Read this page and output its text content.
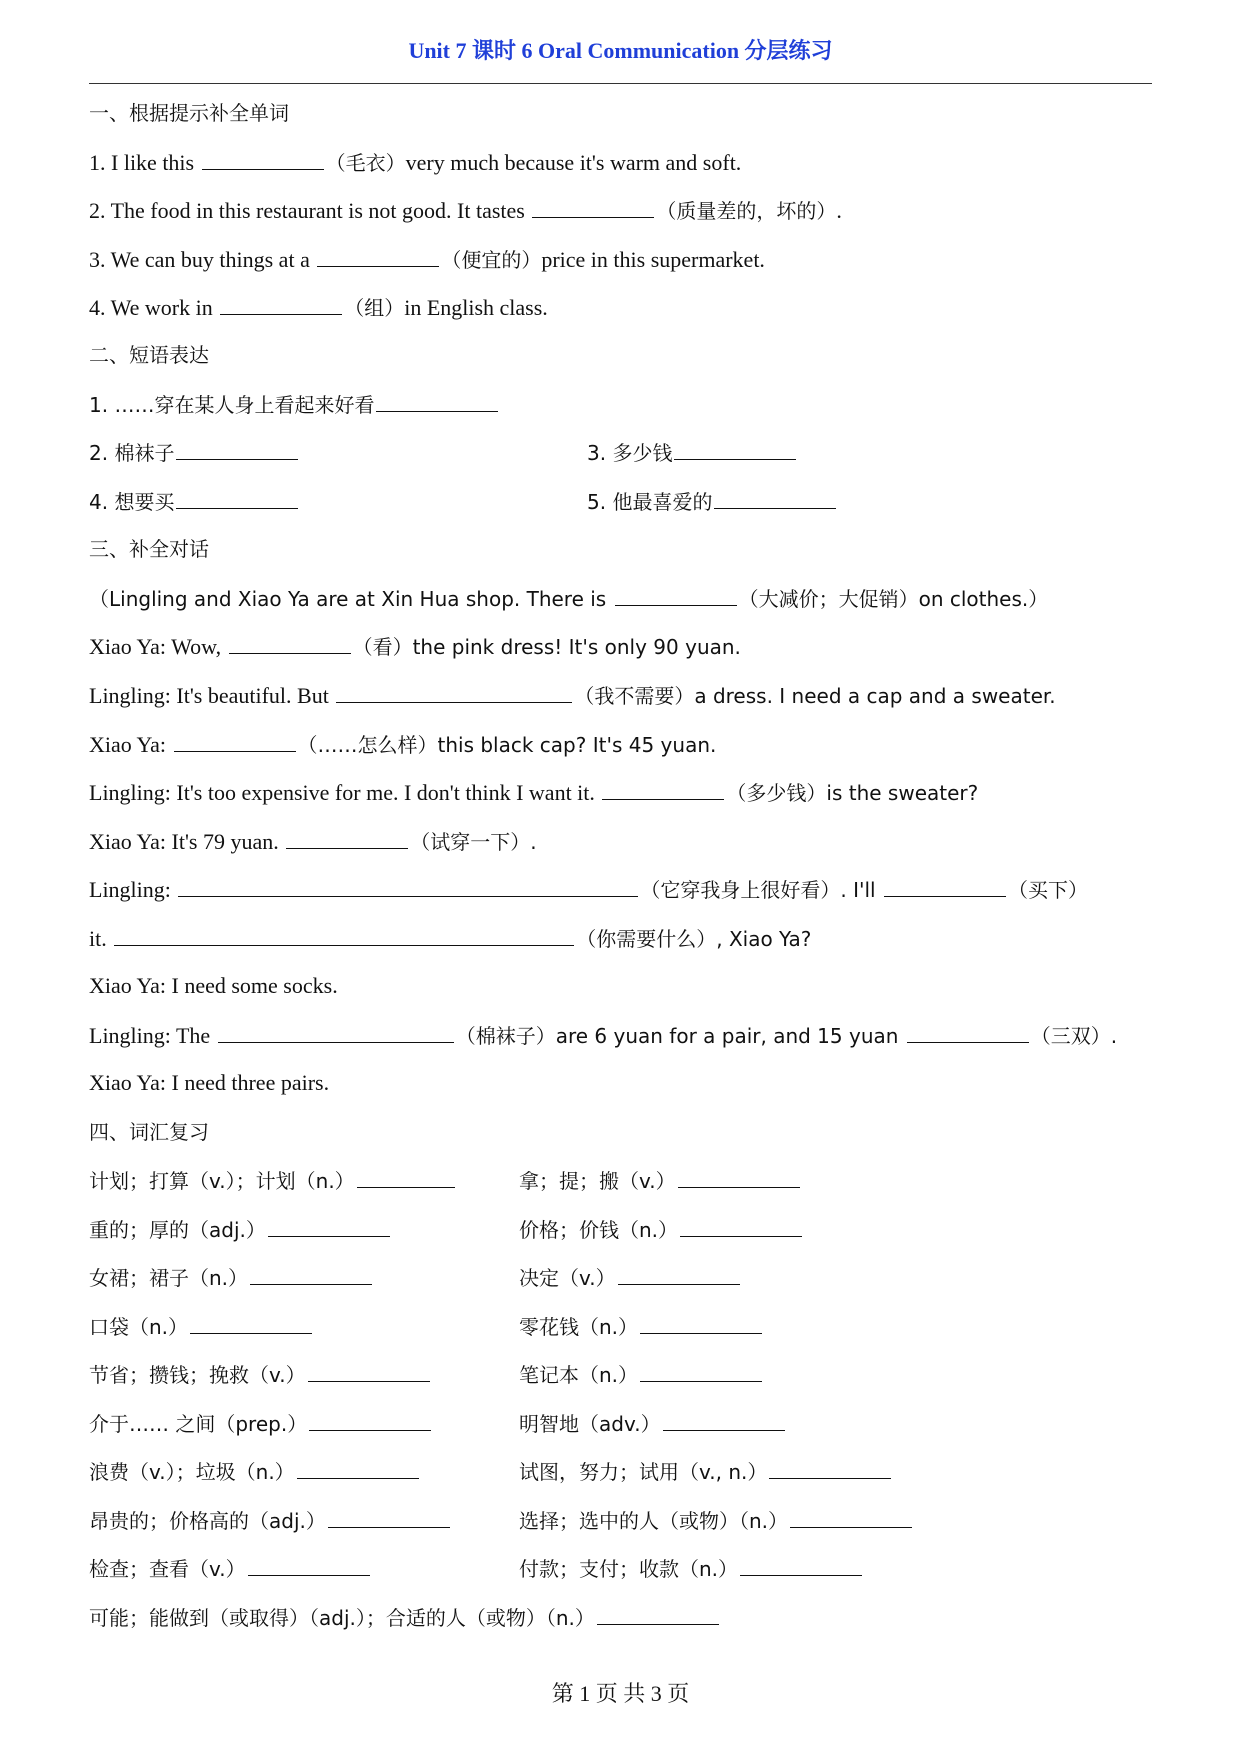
Unit 7 课时 6 Oral Communication 分层练习
一、根据提示补全单词
1. I like this	（毛衣）very much because it's warm and soft.
2. The food in this restaurant is not good. It tastes	（质量差的，坏的）.
3. We can buy things at a	（便宜的）price in this supermarket.
4. We work in	（组）in English class.
二、短语表达
1. ……穿在某人身上看起来好看
2. 棉袜子	3. 多少钱
4. 想要买	5. 他最喜爱的
三、补全对话
（Lingling and Xiao Ya are at Xin Hua shop. There is	（大减价；大促销）on clothes.）
Xiao Ya: Wow,	（看）the pink dress! It's only 90 yuan.
Lingling: It's beautiful. But	（我不需要）a dress. I need a cap and a sweater.
Xiao Ya:	（……怎么样）this black cap? It's 45 yuan.
Lingling: It's too expensive for me. I don't think I want it.	（多少钱）is the sweater?
Xiao Ya: It's 79 yuan.	（试穿一下）.
Lingling:	（它穿我身上很好看）. I'll	（买下）
it.	（你需要什么）, Xiao Ya?
Xiao Ya: I need some socks.
Lingling: The	（棉袜子）are 6 yuan for a pair, and 15 yuan	（三双）.
Xiao Ya: I need three pairs.
四、词汇复习
计划；打算（v.）；计划（n.）	拿；提；搬（v.）
重的；厚的（adj.）	价格；价钱（n.）
女裙；裙子（n.）	决定（v.）
口袋（n.）	零花钱（n.）
节省；攒钱；挽救（v.）	笔记本（n.）
介于…… 之间（prep.）	明智地（adv.）
浪费（v.）；垃圾（n.）	试图，努力；试用（v., n.）
昂贵的；价格高的（adj.）	选择；选中的人（或物）（n.）
检查；查看（v.）	付款；支付；收款（n.）
可能；能做到（或取得）（adj.）；合适的人（或物）（n.）
第 1 页 共 3 页
